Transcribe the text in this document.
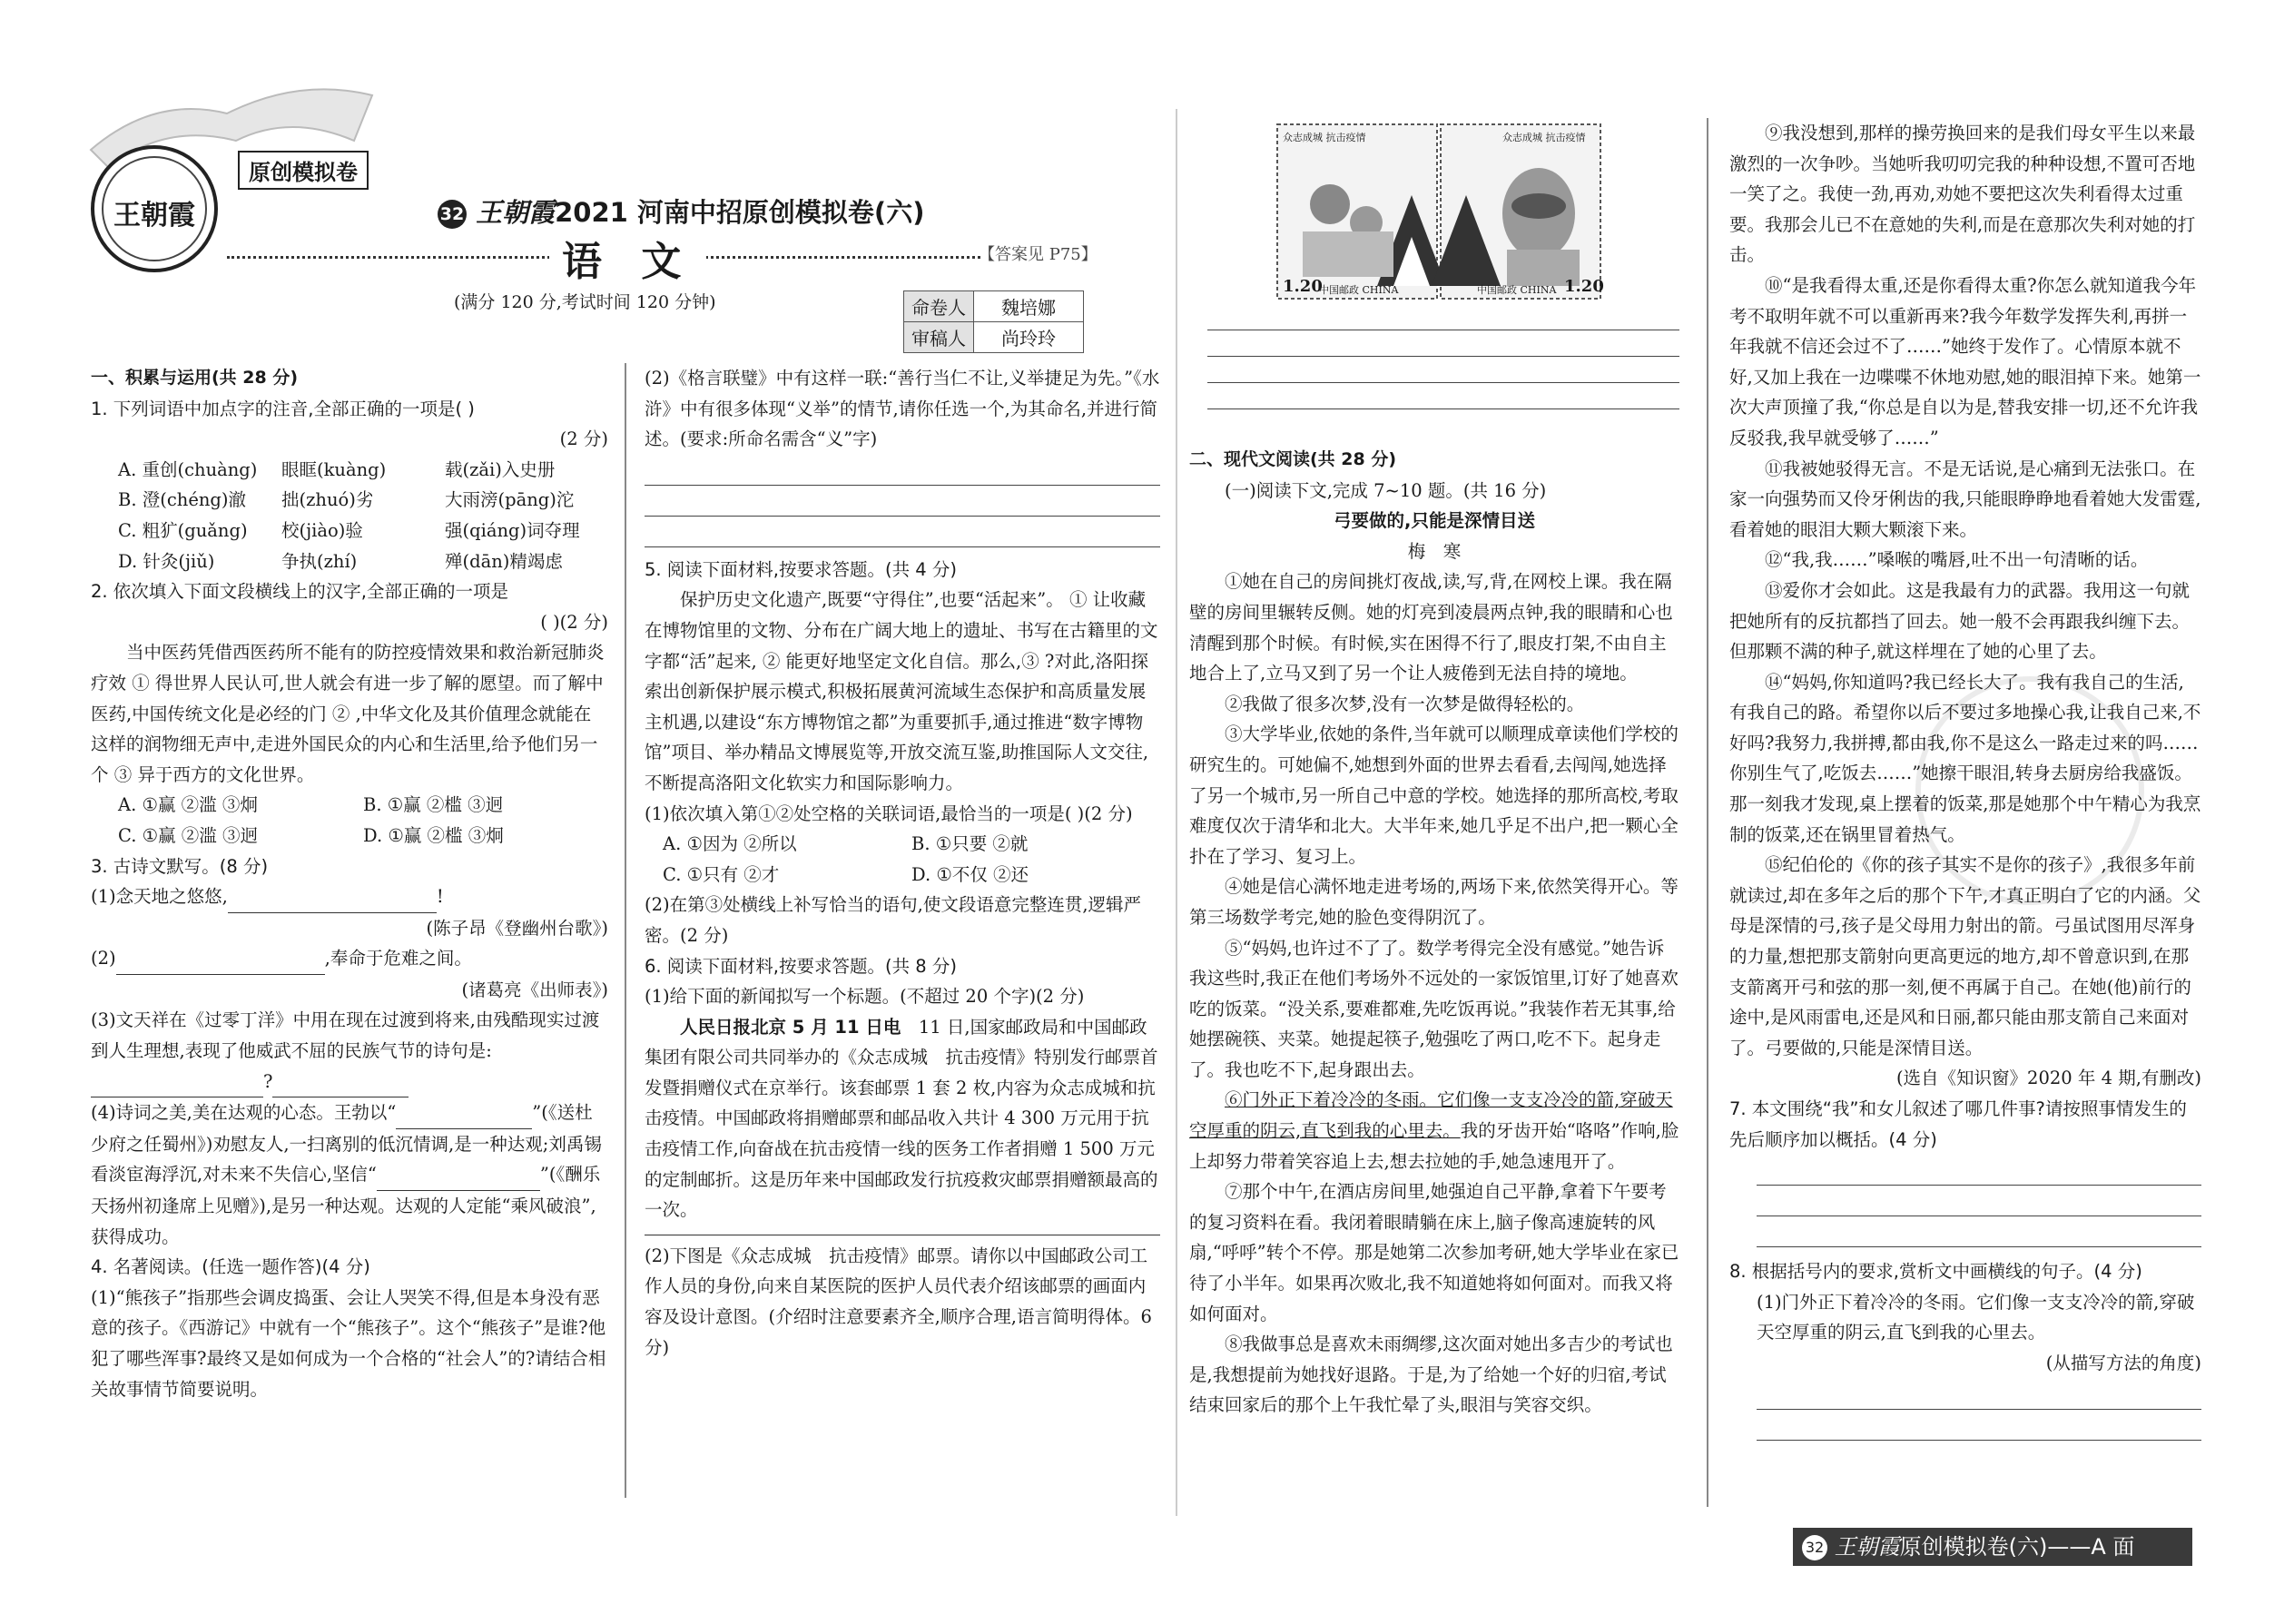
王朝霞
原创模拟卷
32 王朝霞2021 河南中招原创模拟卷(六)
语 文	【答案见 P75】
(满分 120 分,考试时间 120 分钟)	命卷人	魏培娜
审稿人	尚玲玲

一、积累与运用(共 28 分)

1. 下列词语中加点字的注音,全部正确的一项是( )

(2 分)

A. 重创(chuàng)	眼眶(kuàng)	载(zǎi)入史册
B. 澄(chéng)澈	拙(zhuó)劣	大雨滂(pāng)沱
C. 粗犷(guǎng)	校(jiào)验	强(qiáng)词夺理
D. 针灸(jiǔ)	争执(zhí)	殚(dān)精竭虑

2. 依次填入下面文段横线上的汉字,全部正确的一项是

( )(2 分)

当中医药凭借西医药所不能有的防控疫情效果和救治新冠肺炎疗效 ① 得世界人民认可,世人就会有进一步了解的愿望。而了解中医药,中国传统文化是必经的门 ② ,中华文化及其价值理念就能在这样的润物细无声中,走进外国民众的内心和生活里,给予他们另一个 ③ 异于西方的文化世界。

A. ①赢 ②滥 ③炯	B. ①赢 ②槛 ③迥
C. ①赢 ②滥 ③迥	D. ①赢 ②槛 ③炯

3. 古诗文默写。(8 分)

(1)念天地之悠悠,	!

(陈子昂《登幽州台歌》)

(2)	,奉命于危难之间。

(诸葛亮《出师表》)

(3)文天祥在《过零丁洋》中用在现在过渡到将来,由残酷现实过渡到人生理想,表现了他威武不屈的民族气节的诗句是: ?

(4)诗词之美,美在达观的心态。王勃以“	”(《送杜少府之任蜀州》)劝慰友人,一扫离别的低沉情调,是一种达观;刘禹锡看淡宦海浮沉,对未来不失信心,坚信“	”(《酬乐天扬州初逢席上见赠》),是另一种达观。达观的人定能“乘风破浪”,获得成功。

4. 名著阅读。(任选一题作答)(4 分)

(1)“熊孩子”指那些会调皮捣蛋、会让人哭笑不得,但是本身没有恶意的孩子。《西游记》中就有一个“熊孩子”。这个“熊孩子”是谁?他犯了哪些浑事?最终又是如何成为一个合格的“社会人”的?请结合相关故事情节简要说明。

(2)《格言联璧》中有这样一联:“善行当仁不让,义举捷足为先。”《水浒》中有很多体现“义举”的情节,请你任选一个,为其命名,并进行简述。(要求:所命名需含“义”字)

5. 阅读下面材料,按要求答题。(共 4 分)

保护历史文化遗产,既要“守得住”,也要“活起来”。 ① 让收藏在博物馆里的文物、分布在广阔大地上的遗址、书写在古籍里的文字都“活”起来, ② 能更好地坚定文化自信。那么,③ ?对此,洛阳探索出创新保护展示模式,积极拓展黄河流域生态保护和高质量发展主机遇,以建设“东方博物馆之都”为重要抓手,通过推进“数字博物馆”项目、举办精品文博展览等,开放交流互鉴,助推国际人文交往,不断提高洛阳文化软实力和国际影响力。

(1)依次填入第①②处空格的关联词语,最恰当的一项是( )(2 分)

A. ①因为 ②所以	B. ①只要 ②就
C. ①只有 ②才	D. ①不仅 ②还

(2)在第③处横线上补写恰当的语句,使文段语意完整连贯,逻辑严密。(2 分)

6. 阅读下面材料,按要求答题。(共 8 分)

(1)给下面的新闻拟写一个标题。(不超过 20 个字)(2 分)

人民日报北京 5 月 11 日电　 11 日,国家邮政局和中国邮政集团有限公司共同举办的《众志成城　抗击疫情》特别发行邮票首发暨捐赠仪式在京举行。该套邮票 1 套 2 枚,内容为众志成城和抗击疫情。中国邮政将捐赠邮票和邮品收入共计 4 300 万元用于抗击疫情工作,向奋战在抗击疫情一线的医务工作者捐赠 1 500 万元的定制邮折。这是历年来中国邮政发行抗疫救灾邮票捐赠额最高的一次。

(2)下图是《众志成城　抗击疫情》邮票。请你以中国邮政公司工作人员的身份,向来自某医院的医护人员代表介绍该邮票的画面内容及设计意图。(介绍时注意要素齐全,顺序合理,语言简明得体。6 分)

众志成城 抗击疫情	众志成城 抗击疫情
1.20
中国邮政 CHINA	中国邮政 CHINA 1.20

二、现代文阅读(共 28 分)

(一)阅读下文,完成 7~10 题。(共 16 分)

弓要做的,只能是深情目送

梅　寒

①她在自己的房间挑灯夜战,读,写,背,在网校上课。我在隔壁的房间里辗转反侧。她的灯亮到凌晨两点钟,我的眼睛和心也清醒到那个时候。有时候,实在困得不行了,眼皮打架,不由自主地合上了,立马又到了另一个让人疲倦到无法自持的境地。

②我做了很多次梦,没有一次梦是做得轻松的。

③大学毕业,依她的条件,当年就可以顺理成章读他们学校的研究生的。可她偏不,她想到外面的世界去看看,去闯闯,她选择了另一个城市,另一所自己中意的学校。她选择的那所高校,考取难度仅次于清华和北大。大半年来,她几乎足不出户,把一颗心全扑在了学习、复习上。

④她是信心满怀地走进考场的,两场下来,依然笑得开心。等第三场数学考完,她的脸色变得阴沉了。

⑤“妈妈,也许过不了了。数学考得完全没有感觉。”她告诉我这些时,我正在他们考场外不远处的一家饭馆里,订好了她喜欢吃的饭菜。“没关系,要难都难,先吃饭再说。”我装作若无其事,给她摆碗筷、夹菜。她提起筷子,勉强吃了两口,吃不下。起身走了。我也吃不下,起身跟出去。

⑥门外正下着冷冷的冬雨。它们像一支支冷冷的箭,穿破天空厚重的阴云,直飞到我的心里去。我的牙齿开始“咯咯”作响,脸上却努力带着笑容追上去,想去拉她的手,她急速甩开了。

⑦那个中午,在酒店房间里,她强迫自己平静,拿着下午要考的复习资料在看。我闭着眼睛躺在床上,脑子像高速旋转的风扇,“呼呼”转个不停。那是她第二次参加考研,她大学毕业在家已待了小半年。如果再次败北,我不知道她将如何面对。而我又将如何面对。

⑧我做事总是喜欢未雨绸缪,这次面对她出多吉少的考试也是,我想提前为她找好退路。于是,为了给她一个好的归宿,考试结束回家后的那个上午我忙晕了头,眼泪与笑容交织。

⑨我没想到,那样的操劳换回来的是我们母女平生以来最激烈的一次争吵。当她听我叨叨完我的种种设想,不置可否地一笑了之。我使一劲,再劝,劝她不要把这次失利看得太过重要。我那会儿已不在意她的失利,而是在意那次失利对她的打击。

⑩“是我看得太重,还是你看得太重?你怎么就知道我今年考不取明年就不可以重新再来?我今年数学发挥失利,再拼一年我就不信还会过不了……”她终于发作了。心情原本就不好,又加上我在一边喋喋不休地劝慰,她的眼泪掉下来。她第一次大声顶撞了我,“你总是自以为是,替我安排一切,还不允许我反驳我,我早就受够了……”

⑪我被她驳得无言。不是无话说,是心痛到无法张口。在家一向强势而又伶牙俐齿的我,只能眼睁睁地看着她大发雷霆,看着她的眼泪大颗大颗滚下来。

⑫“我,我……”嗓喉的嘴唇,吐不出一句清晰的话。

⑬爱你才会如此。这是我最有力的武器。我用这一句就把她所有的反抗都挡了回去。她一般不会再跟我纠缠下去。但那颗不满的种子,就这样埋在了她的心里了去。

⑭“妈妈,你知道吗?我已经长大了。我有我自己的生活,有我自己的路。希望你以后不要过多地操心我,让我自己来,不好吗?我努力,我拼搏,都由我,你不是这么一路走过来的吗……你别生气了,吃饭去……”她擦干眼泪,转身去厨房给我盛饭。那一刻我才发现,桌上摆着的饭菜,那是她那个中午精心为我烹制的饭菜,还在锅里冒着热气。

⑮纪伯伦的《你的孩子其实不是你的孩子》,我很多年前就读过,却在多年之后的那个下午,才真正明白了它的内涵。父母是深情的弓,孩子是父母用力射出的箭。弓虽试图用尽浑身的力量,想把那支箭射向更高更远的地方,却不曾意识到,在那支箭离开弓和弦的那一刻,便不再属于自己。在她(他)前行的途中,是风雨雷电,还是风和日丽,都只能由那支箭自己来面对了。弓要做的,只能是深情目送。

(选自《知识窗》2020 年 4 期,有删改)

7. 本文围绕“我”和女儿叙述了哪几件事?请按照事情发生的先后顺序加以概括。(4 分)

8. 根据括号内的要求,赏析文中画横线的句子。(4 分)

(1)门外正下着冷冷的冬雨。它们像一支支冷冷的箭,穿破天空厚重的阴云,直飞到我的心里去。

(从描写方法的角度)

32 王朝霞原创模拟卷(六)——A 面
